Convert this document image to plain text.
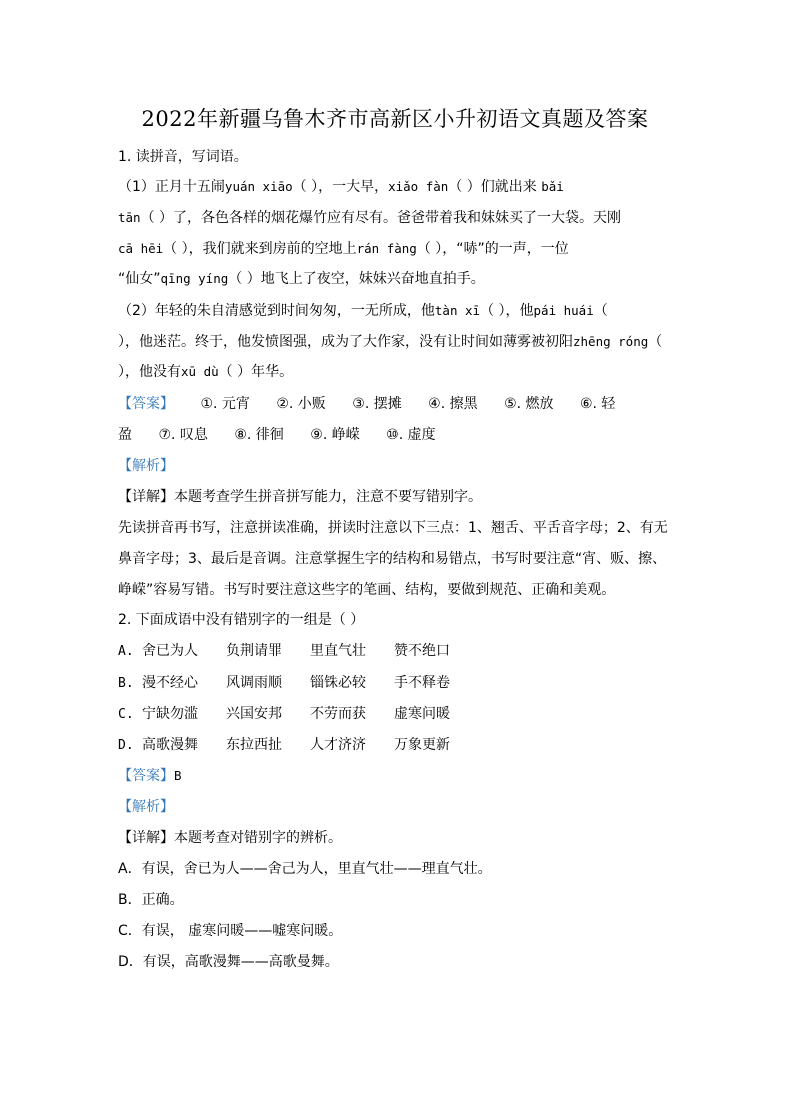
2022年新疆乌鲁木齐市高新区小升初语文真题及答案
1. 读拼音，写词语。
（1）正月十五闹yuán xiāo（ ），一大早，xiǎo fàn（ ）们就出来 bǎi
tān（ ）了，各色各样的烟花爆竹应有尽有。爸爸带着我和妹妹买了一大袋。天刚
cā hēi（ ），我们就来到房前的空地上rán fàng（ ），“哧”的一声，一位
“仙女”qīng yíng（ ）地飞上了夜空，妹妹兴奋地直拍手。
（2）年轻的朱自清感觉到时间匆匆，一无所成，他tàn xī（ ），他pái huái（
），他迷茫。终于，他发愤图强，成为了大作家，没有让时间如薄雾被初阳zhēng róng（
），他没有xū dù（ ）年华。
【答案】 ①. 元宵 ②. 小贩 ③. 摆摊 ④. 擦黑 ⑤. 燃放 ⑥. 轻
盈 ⑦. 叹息 ⑧. 徘徊 ⑨. 峥嵘 ⑩. 虚度
【解析】
【详解】本题考查学生拼音拼写能力，注意不要写错别字。
先读拼音再书写，注意拼读准确，拼读时注意以下三点：1、翘舌、平舌音字母；2、有无
鼻音字母；3、最后是音调。注意掌握生字的结构和易错点，书写时要注意“宵、贩、擦、
峥嵘”容易写错。书写时要注意这些字的笔画、结构，要做到规范、正确和美观。
2. 下面成语中没有错别字的一组是（ ）
A. 舍已为人 负荆请罪 里直气壮 赞不绝口
B. 漫不经心 风调雨顺 锱铢必较 手不释卷
C. 宁缺勿滥 兴国安邦 不劳而获 虚寒问暖
D. 高歌漫舞 东拉西扯 人才济济 万象更新
【答案】B
【解析】
【详解】本题考查对错别字的辨析。
A．有误，舍已为人——舍己为人，里直气壮——理直气壮。
B．正确。
C．有误， 虚寒问暖——嘘寒问暖。
D．有误，高歌漫舞——高歌曼舞。
